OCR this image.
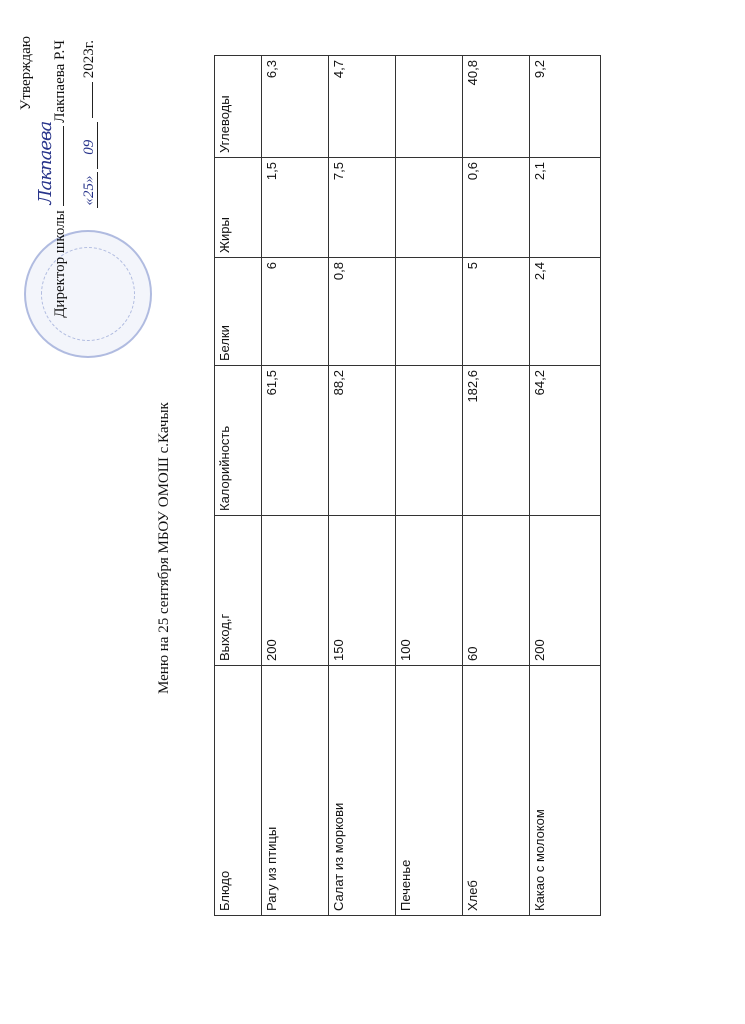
Утверждаю
Директор школы
Лакпаева
Лакпаева Р.Ч
«25» 09  2023г.
Меню на 25 сентября МБОУ ОМОШ с.Качык
Блюдо	Выход,г	Калорийность	Белки	Жиры	Углеводы
Рагу из птицы	200	61,5	6	1,5	6,3
Салат из моркови	150	88,2	0,8	7,5	4,7
Печенье	100				
Хлеб	60	182,6	5	0,6	40,8
Какао с молоком	200	64,2	2,4	2,1	9,2
